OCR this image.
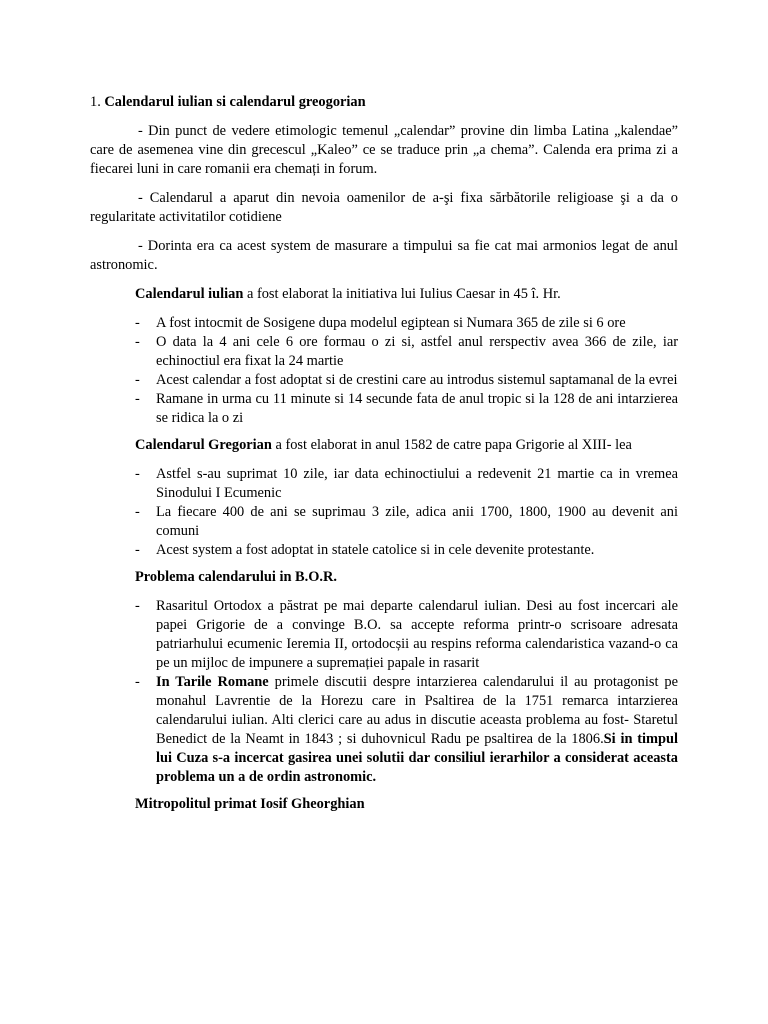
1. Calendarul iulian si calendarul greogorian

- Din punct de vedere etimologic temenul „calendar” provine din limba Latina „kalendae” care de asemenea vine din grecescul „Kaleo” ce se traduce prin „a chema”. Calenda era prima zi a fiecarei luni in care romanii era chemați in forum.

- Calendarul a aparut din nevoia oamenilor de a-şi fixa sărbătorile religioase şi a da o regularitate activitatilor cotidiene

- Dorinta era ca acest system de masurare a timpului sa fie cat mai armonios legat de anul astronomic.

Calendarul iulian a fost elaborat la initiativa lui Iulius Caesar in 45 î. Hr.

- A fost intocmit de Sosigene dupa modelul egiptean si Numara 365 de zile si 6 ore
- O data la 4 ani cele 6 ore formau o zi si, astfel anul rerspectiv avea 366 de zile, iar echinoctiul era fixat la 24 martie
- Acest calendar a fost adoptat si de crestini care au introdus sistemul saptamanal de la evrei
- Ramane in urma cu 11 minute si 14 secunde fata de anul tropic si la 128 de ani intarzierea se ridica la o zi

Calendarul Gregorian a fost elaborat in anul 1582 de catre papa Grigorie al XIII- lea

- Astfel s-au suprimat 10 zile, iar data echinoctiului a redevenit 21 martie ca in vremea Sinodului I Ecumenic
- La fiecare 400 de ani se suprimau 3 zile, adica anii 1700, 1800, 1900 au devenit ani comuni
- Acest system a fost adoptat in statele catolice si in cele devenite protestante.

Problema calendarului in B.O.R.

- Rasaritul Ortodox a păstrat pe mai departe calendarul iulian. Desi au fost incercari ale papei Grigorie de a convinge B.O. sa accepte reforma printr-o scrisoare adresata patriarhului ecumenic Ieremia II, ortodocșii au respins reforma calendaristica vazand-o ca pe un mijloc de impunere a supremației papale in rasarit
- In Tarile Romane primele discutii despre intarzierea calendarului il au protagonist pe monahul Lavrentie de la Horezu care in Psaltirea de la 1751 remarca intarzierea calendarului iulian. Alti clerici care au adus in discutie aceasta problema au fost- Staretul Benedict de la Neamt in 1843 ; si duhovnicul Radu pe psaltirea de la 1806.Si in timpul lui Cuza s-a incercat gasirea unei solutii dar consiliul ierarhilor a considerat aceasta problema un a de ordin astronomic.

Mitropolitul primat Iosif Gheorghian
